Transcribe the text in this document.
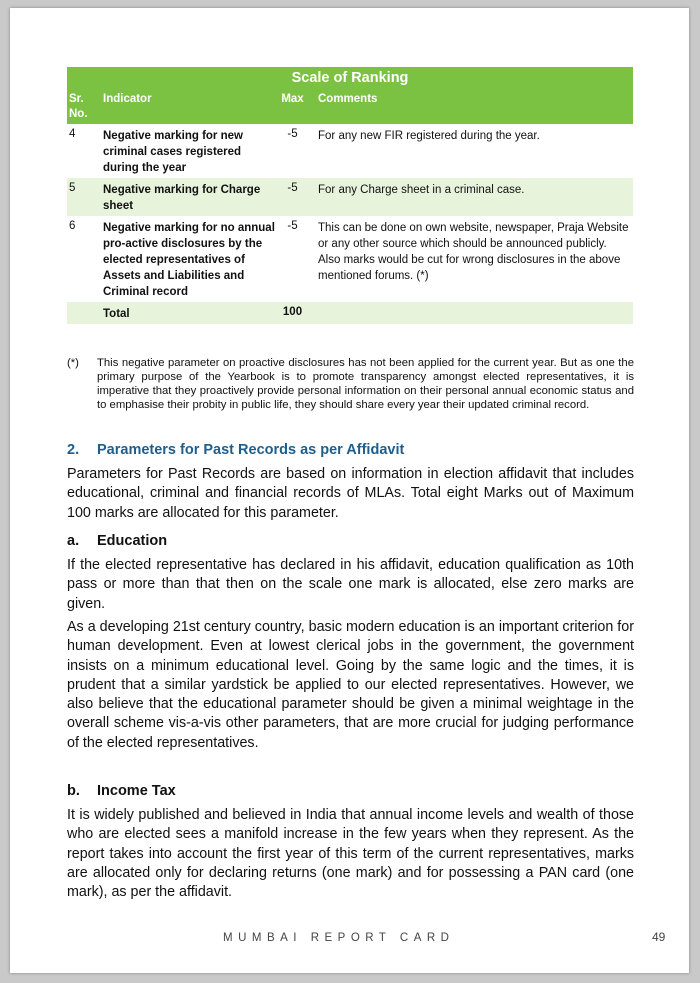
Scale of Ranking			
Sr. No.	Indicator	Max	Comments
4	Negative marking for new criminal cases registered during the year	-5	For any new FIR registered during the year.
5	Negative marking for Charge sheet	-5	For any Charge sheet in a criminal case.
6	Negative marking for no annual pro-active disclosures by the elected representatives of Assets and Liabilities and Criminal record	-5	This can be done on own website, newspaper, Praja Website or any other source which should be announced publicly.
Also marks would be cut for wrong disclosures in the above mentioned forums. (*)

	Total	100	
(*) This negative parameter on proactive disclosures has not been applied for the current year. But as one the primary purpose of the Yearbook is to promote transparency amongst elected representatives, it is imperative that they proactively provide personal information on their personal annual economic status and to emphasise their probity in public life, they should share every year their updated criminal record.
2. Parameters for Past Records as per Affidavit
Parameters for Past Records are based on information in election affidavit that includes educational, criminal and financial records of MLAs. Total eight Marks out of Maximum 100 marks are allocated for this parameter.
a. Education
If the elected representative has declared in his affidavit, education qualification as 10th pass or more than that then on the scale one mark is allocated, else zero marks are given.
As a developing 21st century country, basic modern education is an important criterion for human development. Even at lowest clerical jobs in the government, the government insists on a minimum educational level. Going by the same logic and the times, it is prudent that a similar yardstick be applied to our elected representatives. However, we also believe that the educational parameter should be given a minimal weightage in the overall scheme vis-a-vis other parameters, that are more crucial for judging performance of the elected representatives.
b. Income Tax
It is widely published and believed in India that annual income levels and wealth of those who are elected sees a manifold increase in the few years when they represent. As the report takes into account the first year of this term of the current representatives, marks are allocated only for declaring returns (one mark) and for possessing a PAN card (one mark), as per the affidavit.
MUMBAI REPORT CARD	49
